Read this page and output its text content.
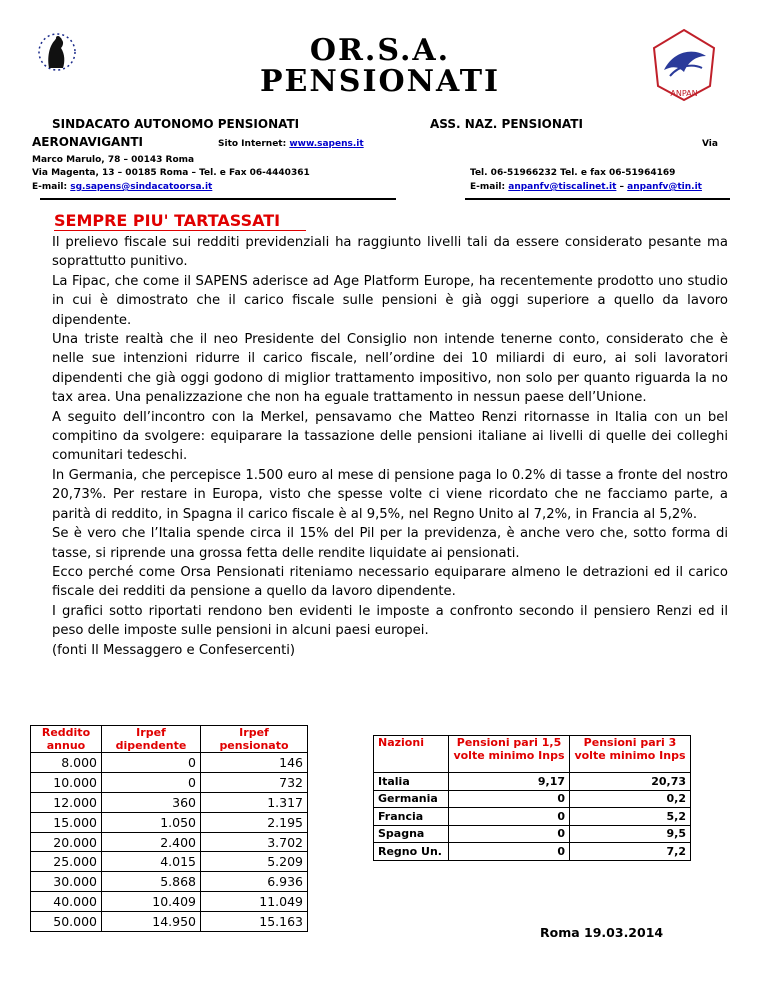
OR.S.A.
PENSIONATI	ANPAN
SINDACATO AUTONOMO PENSIONATI
AERONAVIGANTI	Sito Internet: www.sapens.it
Marco Marulo, 78 – 00143 Roma
Via Magenta, 13 – 00185 Roma – Tel. e Fax 06-4440361
E-mail: sg.sapens@sindacatoorsa.it
ASS. NAZ. PENSIONATI
Via
Tel. 06-51966232 Tel. e fax 06-51964169
E-mail: anpanfv@tiscalinet.it – anpanfv@tin.it
SEMPRE PIU' TARTASSATI

Il prelievo fiscale sui redditi previdenziali ha raggiunto livelli tali da essere considerato pesante ma soprattutto punitivo.

La Fipac, che come il SAPENS aderisce ad Age Platform Europe, ha recentemente prodotto uno studio in cui è dimostrato che il carico fiscale sulle pensioni è già oggi superiore a quello da lavoro dipendente.

Una triste realtà che il neo Presidente del Consiglio non intende tenerne conto, considerato che è nelle sue intenzioni ridurre il carico fiscale, nell’ordine dei 10 miliardi di euro, ai soli lavoratori dipendenti che già oggi godono di miglior trattamento impositivo, non solo per quanto riguarda la no tax area. Una penalizzazione che non ha eguale trattamento in nessun paese dell’Unione.

A seguito dell’incontro con la Merkel, pensavamo che Matteo Renzi ritornasse in Italia con un bel compitino da svolgere: equiparare la tassazione delle pensioni italiane ai livelli di quelle dei colleghi comunitari tedeschi.

In Germania, che percepisce 1.500 euro al mese di pensione paga lo 0.2% di tasse a fronte del nostro 20,73%. Per restare in Europa, visto che spesse volte ci viene ricordato che ne facciamo parte, a parità di reddito, in Spagna il carico fiscale è al 9,5%, nel Regno Unito al 7,2%, in Francia al 5,2%.

Se è vero che l’Italia spende circa il 15% del Pil per la previdenza, è anche vero che, sotto forma di tasse, si riprende una grossa fetta delle rendite liquidate ai pensionati.

Ecco perché come Orsa Pensionati riteniamo necessario equiparare almeno le detrazioni ed il carico fiscale dei redditi da pensione a quello da lavoro dipendente.

I grafici sotto riportati rendono ben evidenti le imposte a confronto secondo il pensiero Renzi ed il peso delle imposte sulle pensioni in alcuni paesi europei.

(fonti Il Messaggero e Confesercenti)

Reddito annuo	Irpef dipendente	Irpef pensionato
8.000	0	146
10.000	0	732
12.000	360	1.317
15.000	1.050	2.195
20.000	2.400	3.702
25.000	4.015	5.209
30.000	5.868	6.936
40.000	10.409	11.049
50.000	14.950	15.163
Nazioni	Pensioni pari 1,5 volte minimo Inps	Pensioni pari 3 volte minimo Inps
Italia	9,17	20,73
Germania	0	0,2
Francia	0	5,2
Spagna	0	9,5
Regno Un.	0	7,2
Roma 19.03.2014
